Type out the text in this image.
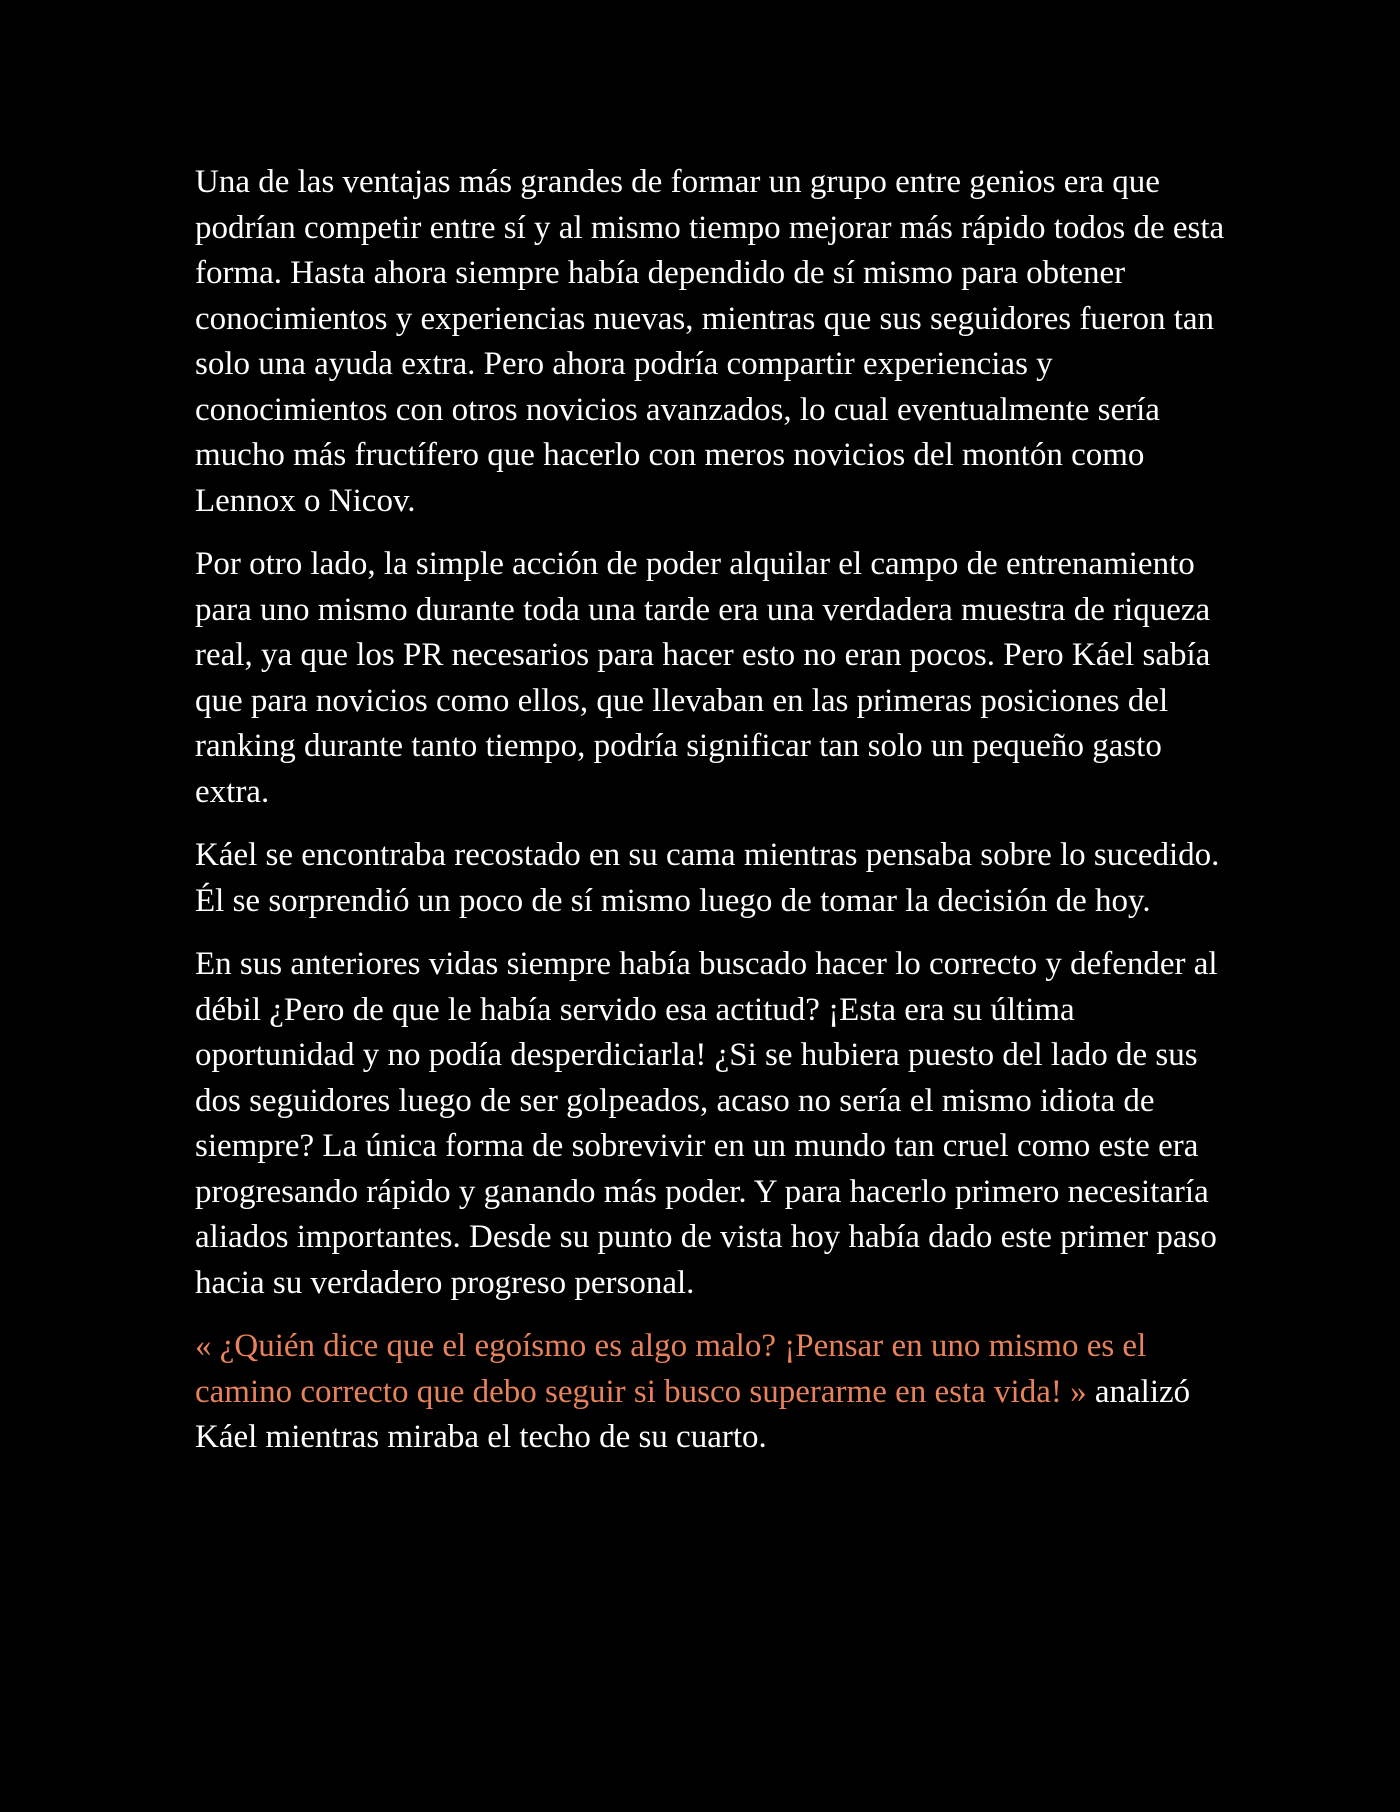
Una de las ventajas más grandes de formar un grupo entre genios era que podrían competir entre sí y al mismo tiempo mejorar más rápido todos de esta forma. Hasta ahora siempre había dependido de sí mismo para obtener conocimientos y experiencias nuevas, mientras que sus seguidores fueron tan solo una ayuda extra. Pero ahora podría compartir experiencias y conocimientos con otros novicios avanzados, lo cual eventualmente sería mucho más fructífero que hacerlo con meros novicios del montón como Lennox o Nicov.

Por otro lado, la simple acción de poder alquilar el campo de entrenamiento para uno mismo durante toda una tarde era una verdadera muestra de riqueza real, ya que los PR necesarios para hacer esto no eran pocos. Pero Káel sabía que para novicios como ellos, que llevaban en las primeras posiciones del ranking durante tanto tiempo, podría significar tan solo un pequeño gasto extra.

Káel se encontraba recostado en su cama mientras pensaba sobre lo sucedido. Él se sorprendió un poco de sí mismo luego de tomar la decisión de hoy.

En sus anteriores vidas siempre había buscado hacer lo correcto y defender al débil ¿Pero de que le había servido esa actitud? ¡Esta era su última oportunidad y no podía desperdiciarla! ¿Si se hubiera puesto del lado de sus dos seguidores luego de ser golpeados, acaso no sería el mismo idiota de siempre? La única forma de sobrevivir en un mundo tan cruel como este era progresando rápido y ganando más poder. Y para hacerlo primero necesitaría aliados importantes. Desde su punto de vista hoy había dado este primer paso hacia su verdadero progreso personal.

« ¿Quién dice que el egoísmo es algo malo? ¡Pensar en uno mismo es el camino correcto que debo seguir si busco superarme en esta vida! » analizó Káel mientras miraba el techo de su cuarto.
